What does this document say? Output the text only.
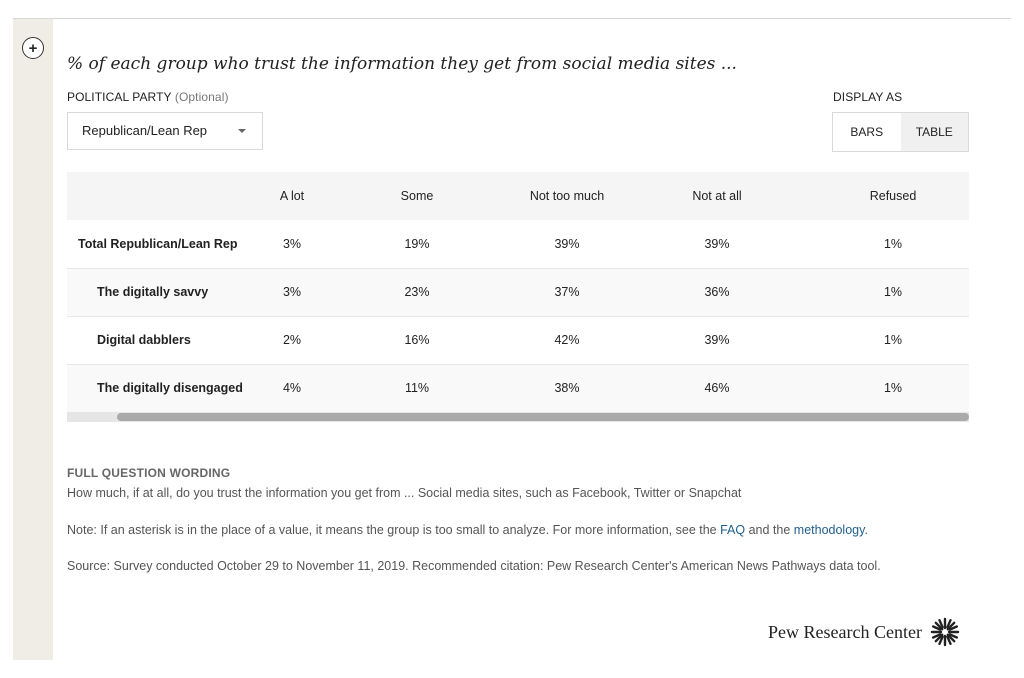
+
% of each group who trust the information they get from social media sites ...
POLITICAL PARTY (Optional)
Republican/Lean Rep
DISPLAY AS
BARS	TABLE
	A lot	Some	Not too much	Not at all	Refused
Total Republican/Lean Rep	3%	19%	39%	39%	1%
The digitally savvy	3%	23%	37%	36%	1%
Digital dabblers	2%	16%	42%	39%	1%
The digitally disengaged	4%	11%	38%	46%	1%
FULL QUESTION WORDING
How much, if at all, do you trust the information you get from ... Social media sites, such as Facebook, Twitter or Snapchat
Note: If an asterisk is in the place of a value, it means the group is too small to analyze. For more information, see the FAQ and the methodology.
Source: Survey conducted October 29 to November 11, 2019. Recommended citation: Pew Research Center's American News Pathways data tool.
Pew Research Center
